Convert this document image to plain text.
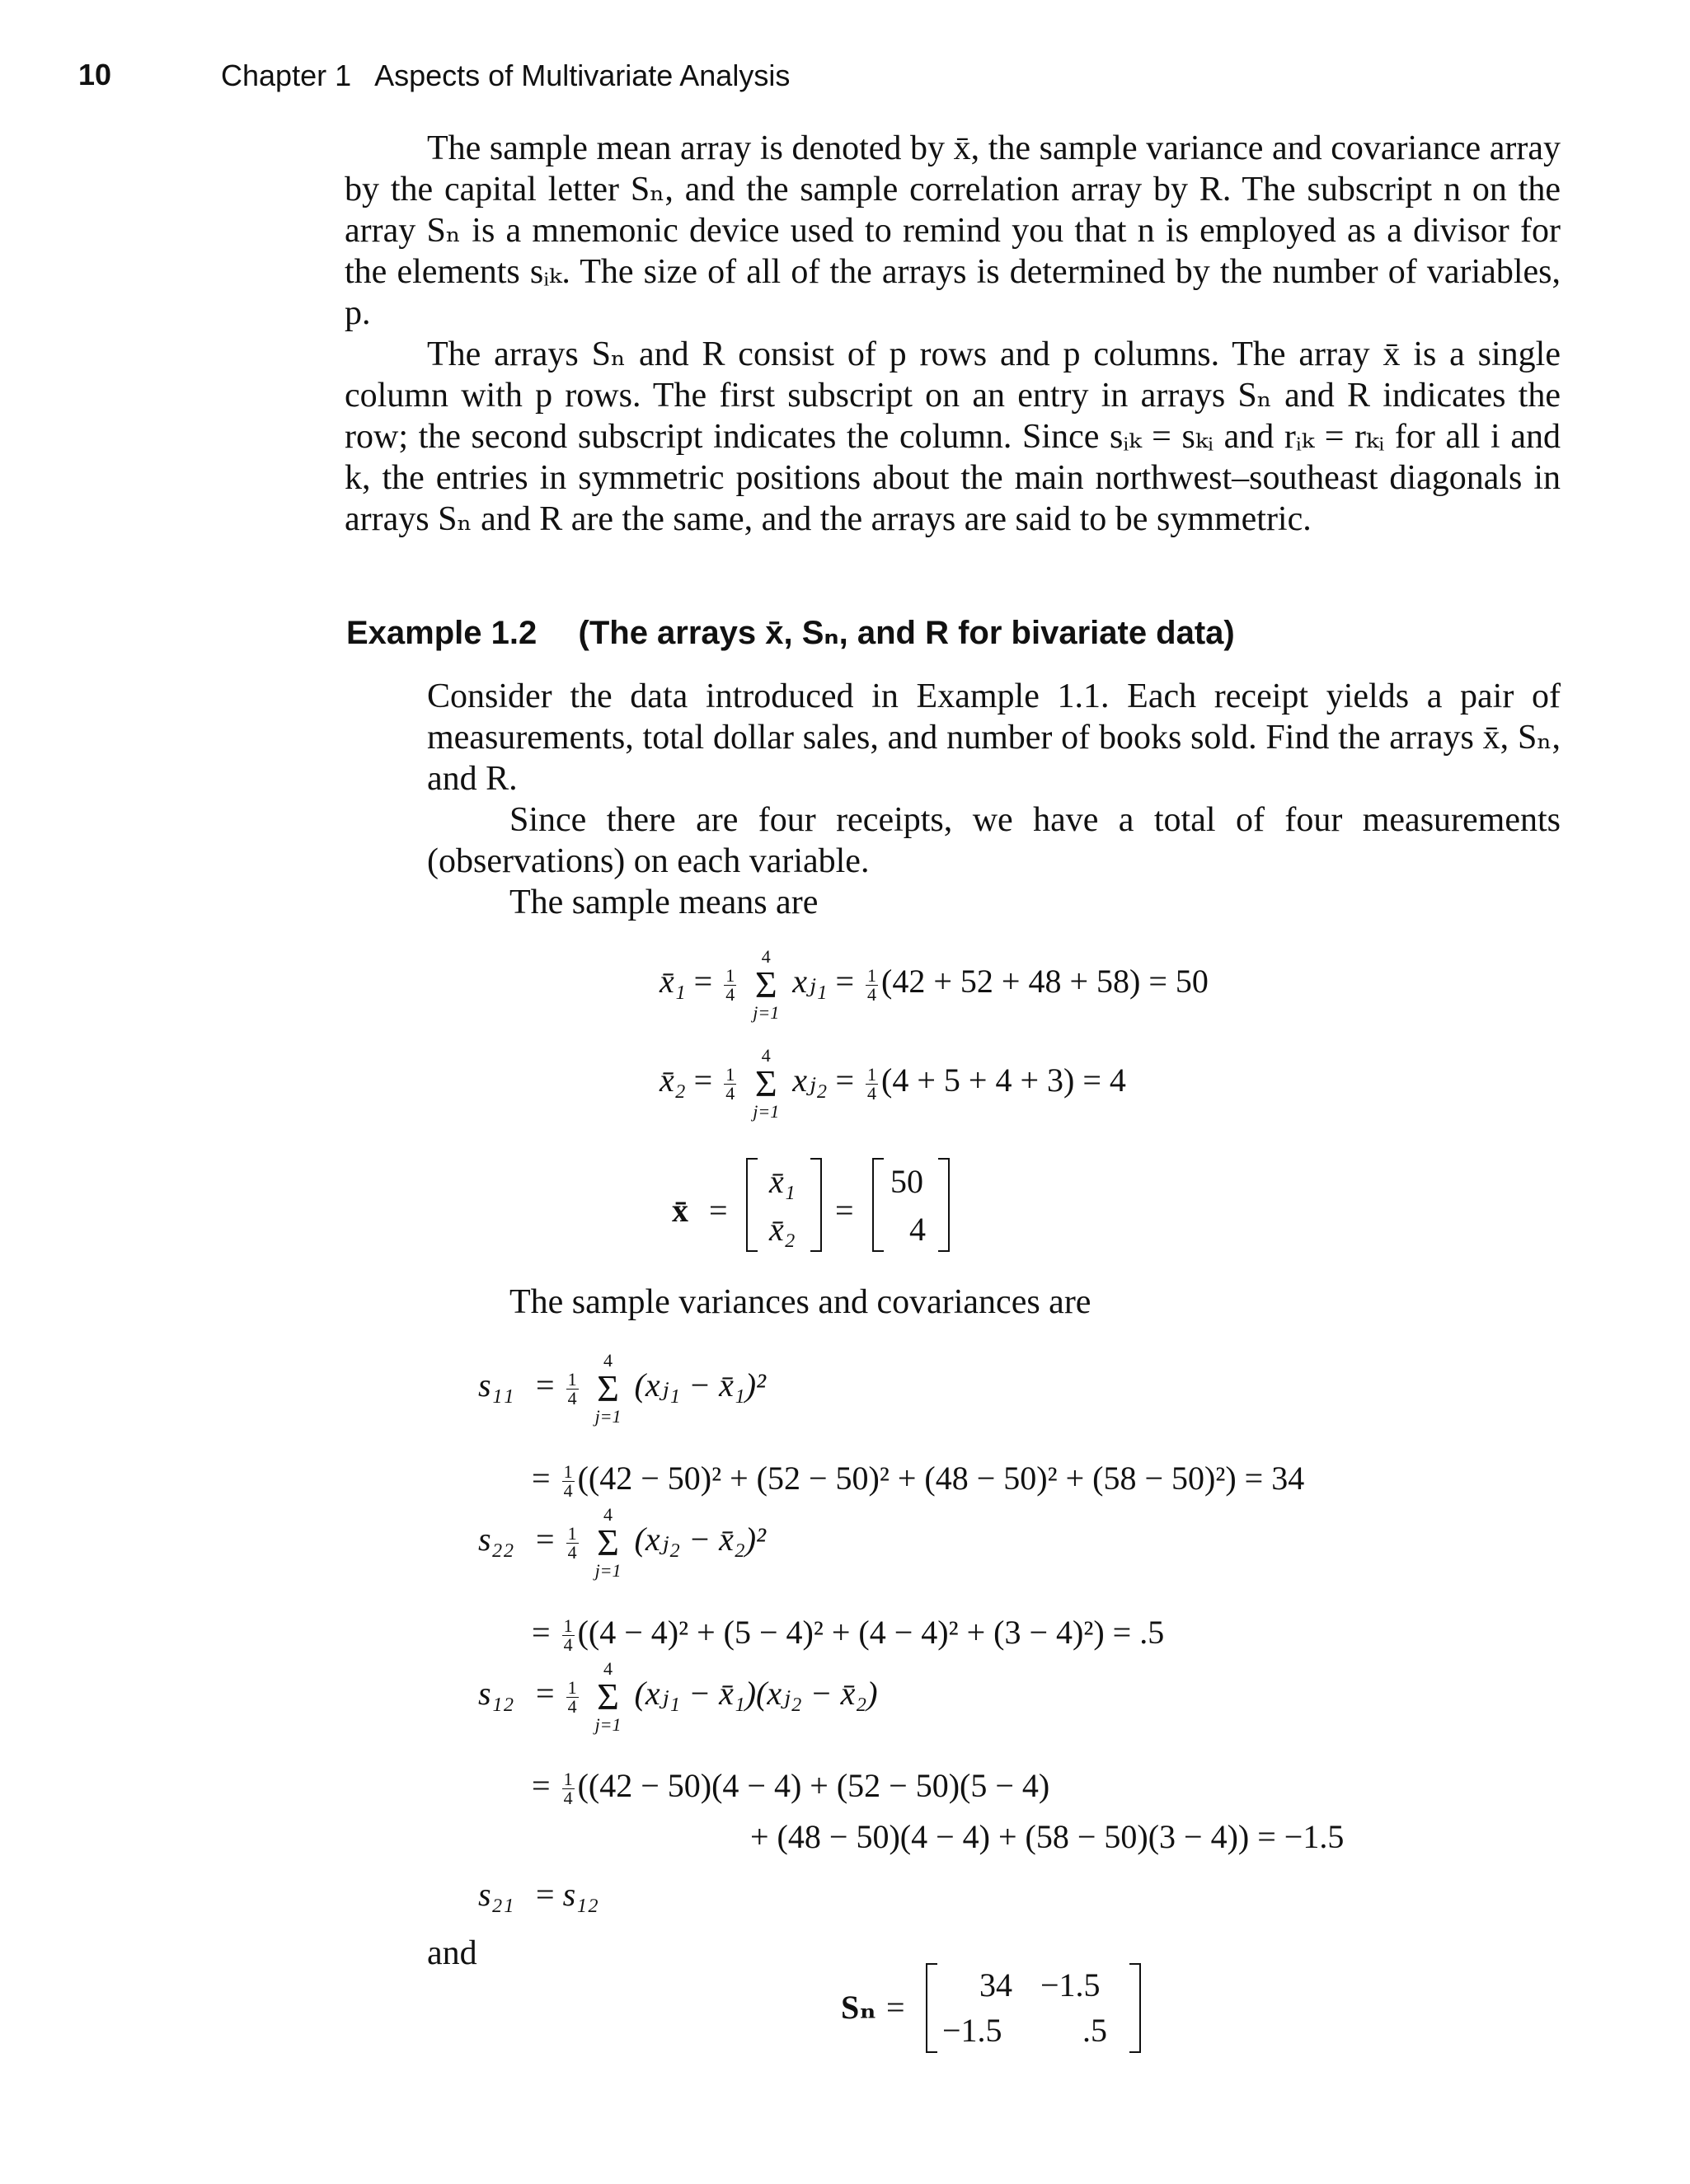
10	Chapter 1   Aspects of Multivariate Analysis

The sample mean array is denoted by x̄, the sample variance and covariance array by the capital letter Sₙ, and the sample correlation array by R. The subscript n on the array Sₙ is a mnemonic device used to remind you that n is employed as a divisor for the elements sᵢₖ. The size of all of the arrays is determined by the number of variables, p.

The arrays Sₙ and R consist of p rows and p columns. The array x̄ is a single column with p rows. The first subscript on an entry in arrays Sₙ and R indicates the row; the second subscript indicates the column. Since sᵢₖ = sₖᵢ and rᵢₖ = rₖᵢ for all i and k, the entries in symmetric positions about the main northwest–southeast diagonals in arrays Sₙ and R are the same, and the arrays are said to be symmetric.

Example 1.2 (The arrays x̄, Sₙ, and R for bivariate data)

Consider the data introduced in Example 1.1. Each receipt yields a pair of measurements, total dollar sales, and number of books sold. Find the arrays x̄, Sₙ, and R.

Since there are four receipts, we have a total of four measurements (observations) on each variable.

The sample means are

x̄₁ = $\frac{1}{4}$

4
Σ
j=1
xⱼ₁ = $\frac{1}{4} (42 + 52 + 48 + 58) = 50$
x̄₂ = $\frac{1}{4}$

4
Σ
j=1
xⱼ₂ = $\frac{1}{4} (4 + 5 + 4 + 3) = 4$
x̄ =
x̄₁
x̄₂
=
50
4
The sample variances and covariances are
$s_{11} = \frac{1}{4}$

4
Σ
j=1
(xⱼ₁ − x̄₁)²
= $\frac{1}{4} ((42 - 50)^2 + (52 - 50)^2 + (48 - 50)^2 + (58 - 50)^2) = 34$
$s_{22} = \frac{1}{4}$

4
Σ
j=1
(xⱼ₂ − x̄₂)²
= $\frac{1}{4} ((4 - 4)^2 + (5 - 4)^2 + (4 - 4)^2 + (3 - 4)^2) = .5$
$s_{12} = \frac{1}{4}$

4
Σ
j=1
(xⱼ₁ − x̄₁)(xⱼ₂ − x̄₂)
= $\frac{1}{4} ((42 - 50)(4 - 4) + (52 - 50)(5 - 4)$
+ (48 − 50)(4 − 4) + (58 − 50)(3 − 4)) = −1.5
s₂₁ = s₁₂
and
Sₙ =
34 −1.5
−1.5 .5
